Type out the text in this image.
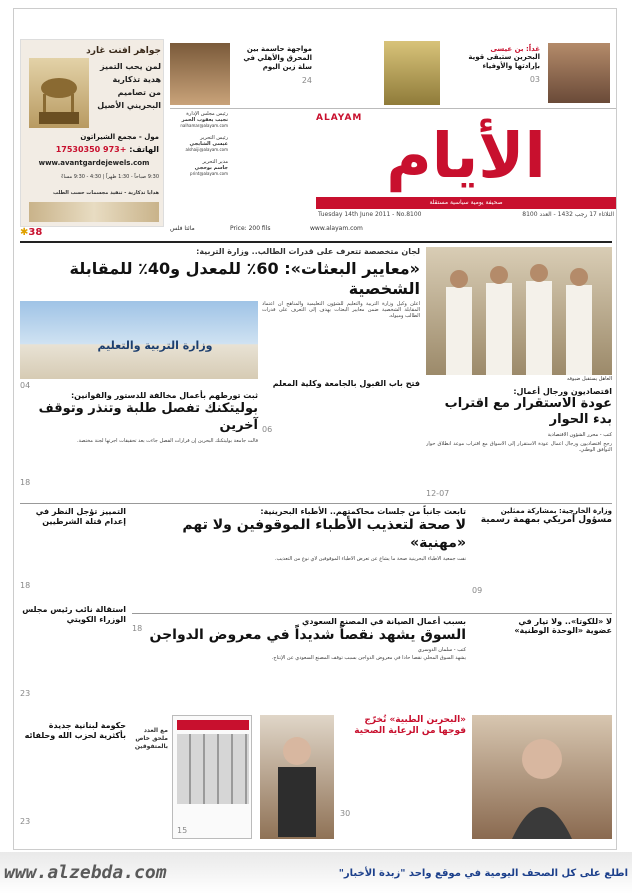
جواهر افنت غارد
لمن يحب التميز
هدية تذكارية
من تصاميم
البحريني الأصيل
مول - مجمع الشيراتون
الهاتف: +973 17530350
www.avantgardejewels.com
9:30 صباحاً - 1:30 ظهراً | 4:30 - 9:30 مساءً
هدايا تذكارية - تنفيذ مجسمات حسب الطلب
رئيس مجلس الإدارة
نجيب يعقوب الحمر
nalhamar@alayam.com
رئيس التحرير
عيسى الشايجي
alshaiji@alayam.com
مدير التحرير
جاسم بوحجي
print@alayam.com
مواجهة حاسمة بين المحرق والأهلي في سلة زين اليوم
24
غداً: بن عيسى
البحرين ستبقى قوية بإرادتها والأوفياء
03
ALAYAM
الأيام
صحيفة يومية سياسية مستقلة
Tuesday 14th June 2011 - No.8100	الثلاثاء 17 رجب 1432 - العدد 8100
www.alayam.com
Price: 200 fils
مائتا فلس
✱38
لجان متخصصة تتعرف على قدرات الطالب.. وزارة التربية:
«معايير البعثات»: 60٪ للمعدل و40٪ للمقابلة الشخصية
العاهل يستقبل ضيوفه
اقتصاديون ورجال أعمال:
عودة الاستقرار مع اقتراب بدء الحوار
كتب - محرر الشؤون الاقتصادية
رجح اقتصاديون ورجال أعمال عودة الاستقرار إلى الأسواق مع اقتراب موعد انطلاق حوار التوافق الوطني.
12-07
أعلن وكيل وزارة التربية والتعليم للشؤون التعليمية والمناهج أن اعتماد المقابلة الشخصية ضمن معايير البعثات يهدف إلى التعرف على قدرات الطالب وميوله.
وزارة التربية والتعليم
04	فتح باب القبول بالجامعة وكلية المعلم
06
ثبت تورطهم بأعمال مخالفة للدستور والقوانين:
بوليتكنك تفصل طلبة وتنذر وتوقف آخرين
قالت جامعة بوليتكنك البحرين إن قرارات الفصل جاءت بعد تحقيقات أجرتها لجنة مختصة.
18
تابعت جانباً من جلسات محاكمتهم.. الأطباء البحرينية:
لا صحة لتعذيب الأطباء الموقوفين ولا تهم «مهنية»
نفت جمعية الأطباء البحرينية صحة ما يشاع عن تعرض الأطباء الموقوفين لأي نوع من التعذيب.
18
وزارة الخارجية: بمشاركة ممثلين
مسؤول أمريكي بمهمة رسمية
09
التمييز تؤجل النظر في إعدام قتلة الشرطيين
18
استقالة نائب رئيس مجلس الوزراء الكويتي
23
حكومة لبنانية جديدة بأكثرية لحزب الله وحلفائه
23
بسبب أعمال الصيانة في المصنع السعودي
السوق يشهد نقصاً شديداً في معروض الدواجن
كتب - سلمان الدوسري
يشهد السوق المحلي نقصاً حاداً في معروض الدواجن بسبب توقف المصنع السعودي عن الإنتاج.
لا «للكوتا».. ولا تيار في
عضوية «الوحدة الوطنية»
15
مع العدد ملحق خاص بالمتفوقين
«البحرين الطبية» تُخرّج فوجها من الرعاية الصحية
30
www.alzebda.com	اطلع على كل الصحف اليومية في موقع واحد "زبدة الأخبار"
